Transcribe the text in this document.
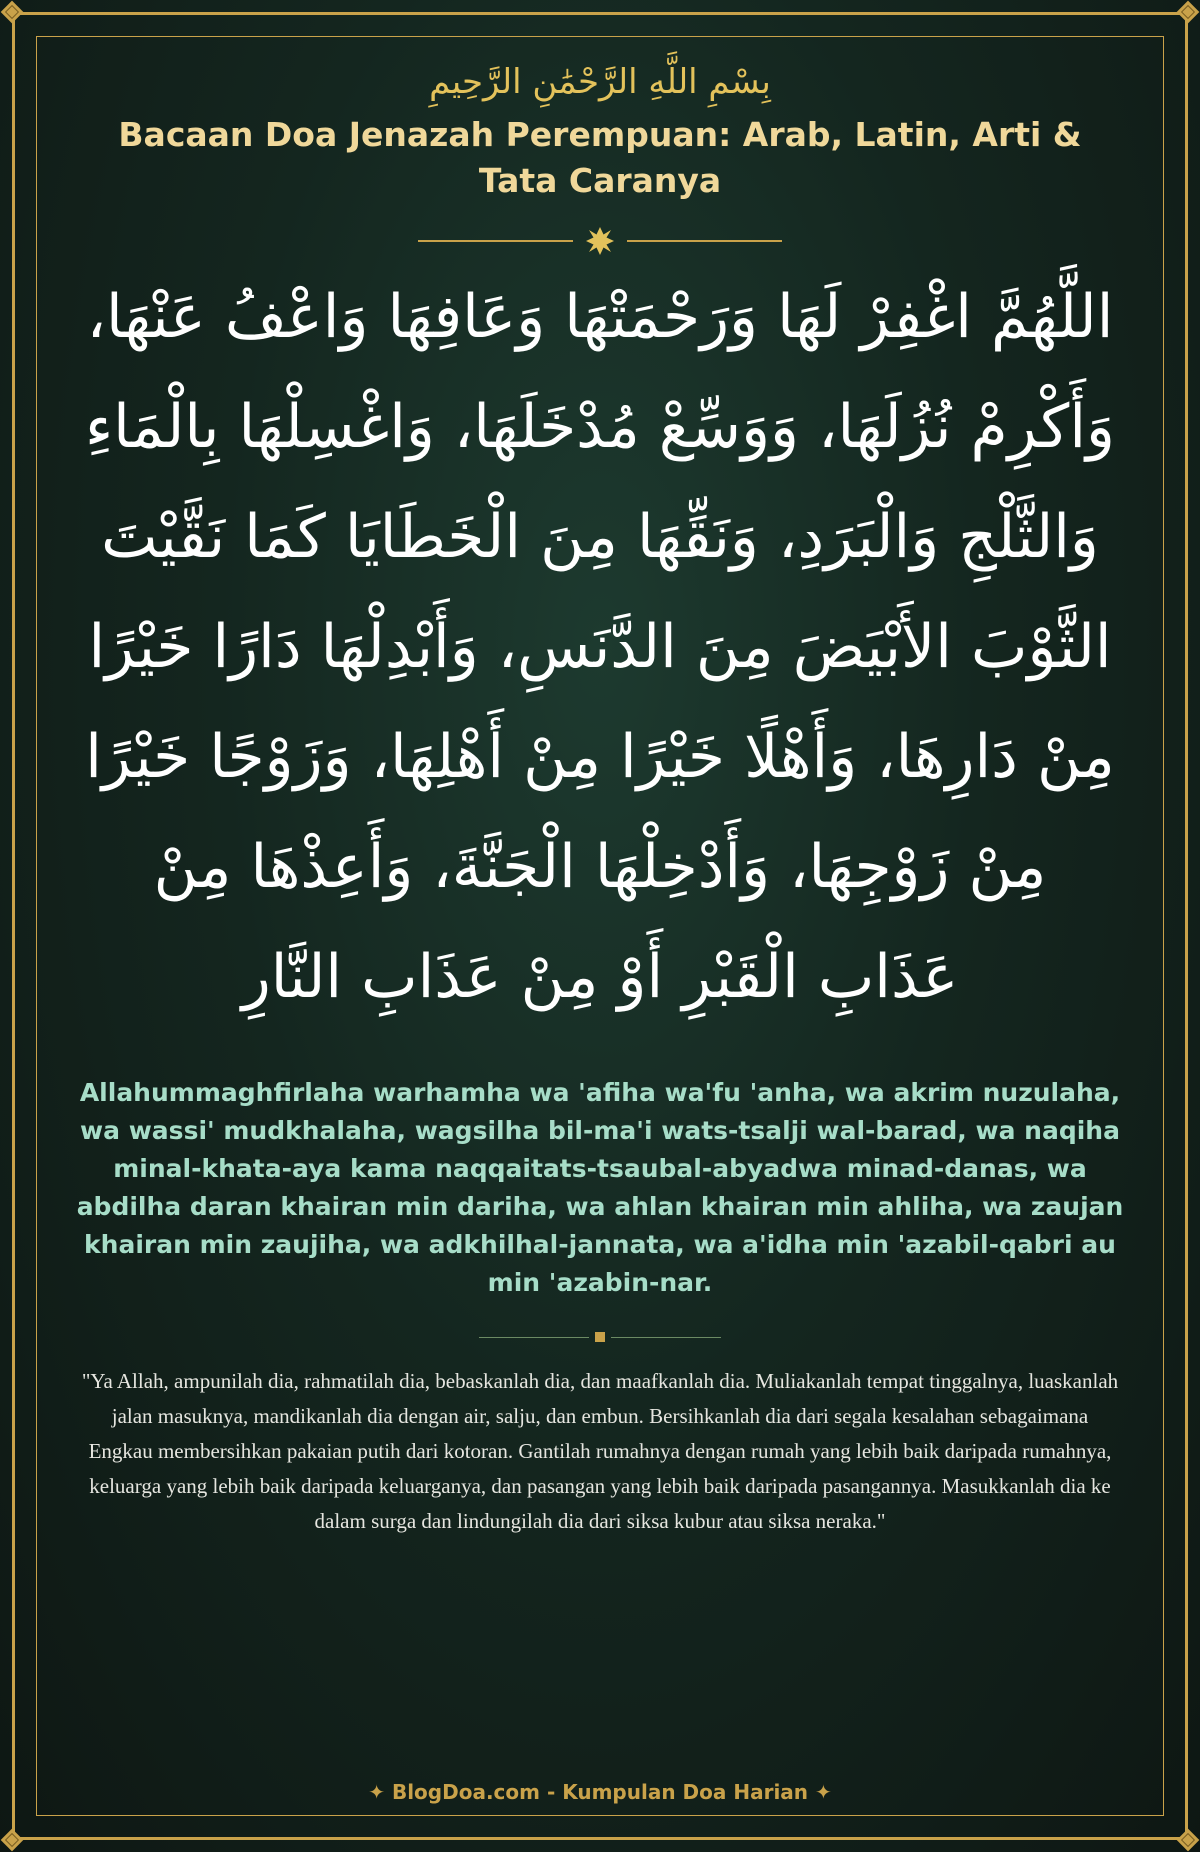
بِسْمِ اللَّهِ الرَّحْمَٰنِ الرَّحِيمِ
Bacaan Doa Jenazah Perempuan: Arab, Latin, Arti & Tata Caranya
اللَّهُمَّ اغْفِرْ لَهَا وَرَحْمَتْهَا وَعَافِهَا وَاعْفُ عَنْهَا، وَأَكْرِمْ نُزُلَهَا، وَوَسِّعْ مُدْخَلَهَا، وَاغْسِلْهَا بِالْمَاءِ وَالثَّلْجِ وَالْبَرَدِ، وَنَقِّهَا مِنَ الْخَطَايَا كَمَا نَقَّيْتَ الثَّوْبَ الأَبْيَضَ مِنَ الدَّنَسِ، وَأَبْدِلْهَا دَارًا خَيْرًا مِنْ دَارِهَا، وَأَهْلًا خَيْرًا مِنْ أَهْلِهَا، وَزَوْجًا خَيْرًا مِنْ زَوْجِهَا، وَأَدْخِلْهَا الْجَنَّةَ، وَأَعِذْهَا مِنْ عَذَابِ الْقَبْرِ أَوْ مِنْ عَذَابِ النَّارِ
Allahummaghfirlaha warhamha wa 'afiha wa'fu 'anha, wa akrim nuzulaha, wa wassi' mudkhalaha, wagsilha bil-ma'i wats-tsalji wal-barad, wa naqiha minal-khata-aya kama naqqaitats-tsaubal-abyadwa minad-danas, wa abdilha daran khairan min dariha, wa ahlan khairan min ahliha, wa zaujan khairan min zaujiha, wa adkhilhal-jannata, wa a'idha min 'azabil-qabri au min 'azabin-nar.
"Ya Allah, ampunilah dia, rahmatilah dia, bebaskanlah dia, dan maafkanlah dia. Muliakanlah tempat tinggalnya, luaskanlah jalan masuknya, mandikanlah dia dengan air, salju, dan embun. Bersihkanlah dia dari segala kesalahan sebagaimana Engkau membersihkan pakaian putih dari kotoran. Gantilah rumahnya dengan rumah yang lebih baik daripada rumahnya, keluarga yang lebih baik daripada keluarganya, dan pasangan yang lebih baik daripada pasangannya. Masukkanlah dia ke dalam surga dan lindungilah dia dari siksa kubur atau siksa neraka."
✦ BlogDoa.com - Kumpulan Doa Harian ✦
